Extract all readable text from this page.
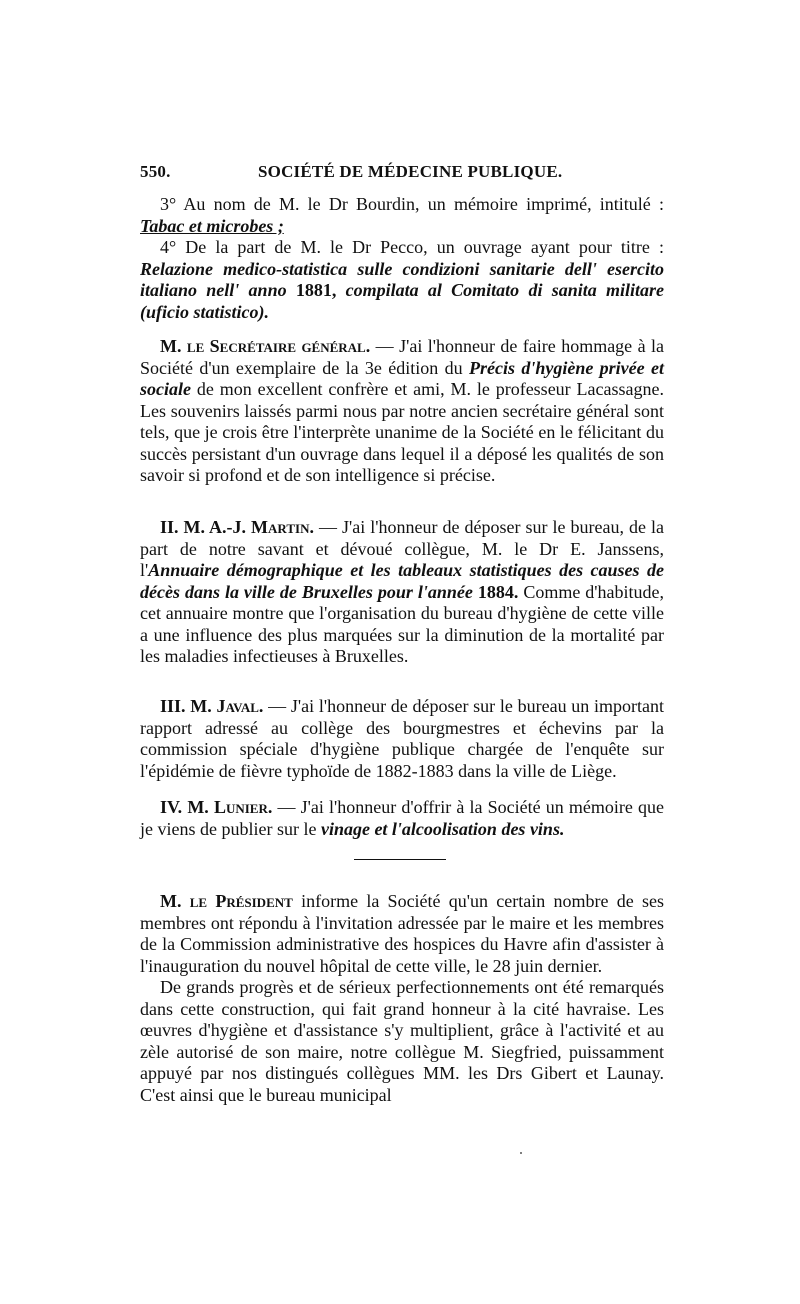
550.	SOCIÉTÉ DE MÉDECINE PUBLIQUE.

3° Au nom de M. le Dr Bourdin, un mémoire imprimé, intitulé : Tabac et microbes ;

4° De la part de M. le Dr Pecco, un ouvrage ayant pour titre : Relazione medico-statistica sulle condizioni sanitarie dell' esercito italiano nell' anno 1881, compilata al Comitato di sanita militare (uficio statistico).

M. le Secrétaire général. — J'ai l'honneur de faire hommage à la Société d'un exemplaire de la 3e édition du Précis d'hygiène privée et sociale de mon excellent confrère et ami, M. le professeur Lacassagne. Les souvenirs laissés parmi nous par notre ancien secrétaire général sont tels, que je crois être l'interprète unanime de la Société en le félicitant du succès persistant d'un ouvrage dans lequel il a déposé les qualités de son savoir si profond et de son intelligence si précise.

II. M. A.-J. Martin. — J'ai l'honneur de déposer sur le bureau, de la part de notre savant et dévoué collègue, M. le Dr E. Janssens, l'Annuaire démographique et les tableaux statistiques des causes de décès dans la ville de Bruxelles pour l'année 1884. Comme d'habitude, cet annuaire montre que l'organisation du bureau d'hygiène de cette ville a une influence des plus marquées sur la diminution de la mortalité par les maladies infectieuses à Bruxelles.

III. M. Javal. — J'ai l'honneur de déposer sur le bureau un important rapport adressé au collège des bourgmestres et échevins par la commission spéciale d'hygiène publique chargée de l'enquête sur l'épidémie de fièvre typhoïde de 1882-1883 dans la ville de Liège.

IV. M. Lunier. — J'ai l'honneur d'offrir à la Société un mémoire que je viens de publier sur le vinage et l'alcoolisation des vins.

M. le Président informe la Société qu'un certain nombre de ses membres ont répondu à l'invitation adressée par le maire et les membres de la Commission administrative des hospices du Havre afin d'assister à l'inauguration du nouvel hôpital de cette ville, le 28 juin dernier.

De grands progrès et de sérieux perfectionnements ont été remarqués dans cette construction, qui fait grand honneur à la cité havraise. Les œuvres d'hygiène et d'assistance s'y multiplient, grâce à l'activité et au zèle autorisé de son maire, notre collègue M. Siegfried, puissamment appuyé par nos distingués collègues MM. les Drs Gibert et Launay. C'est ainsi que le bureau municipal
